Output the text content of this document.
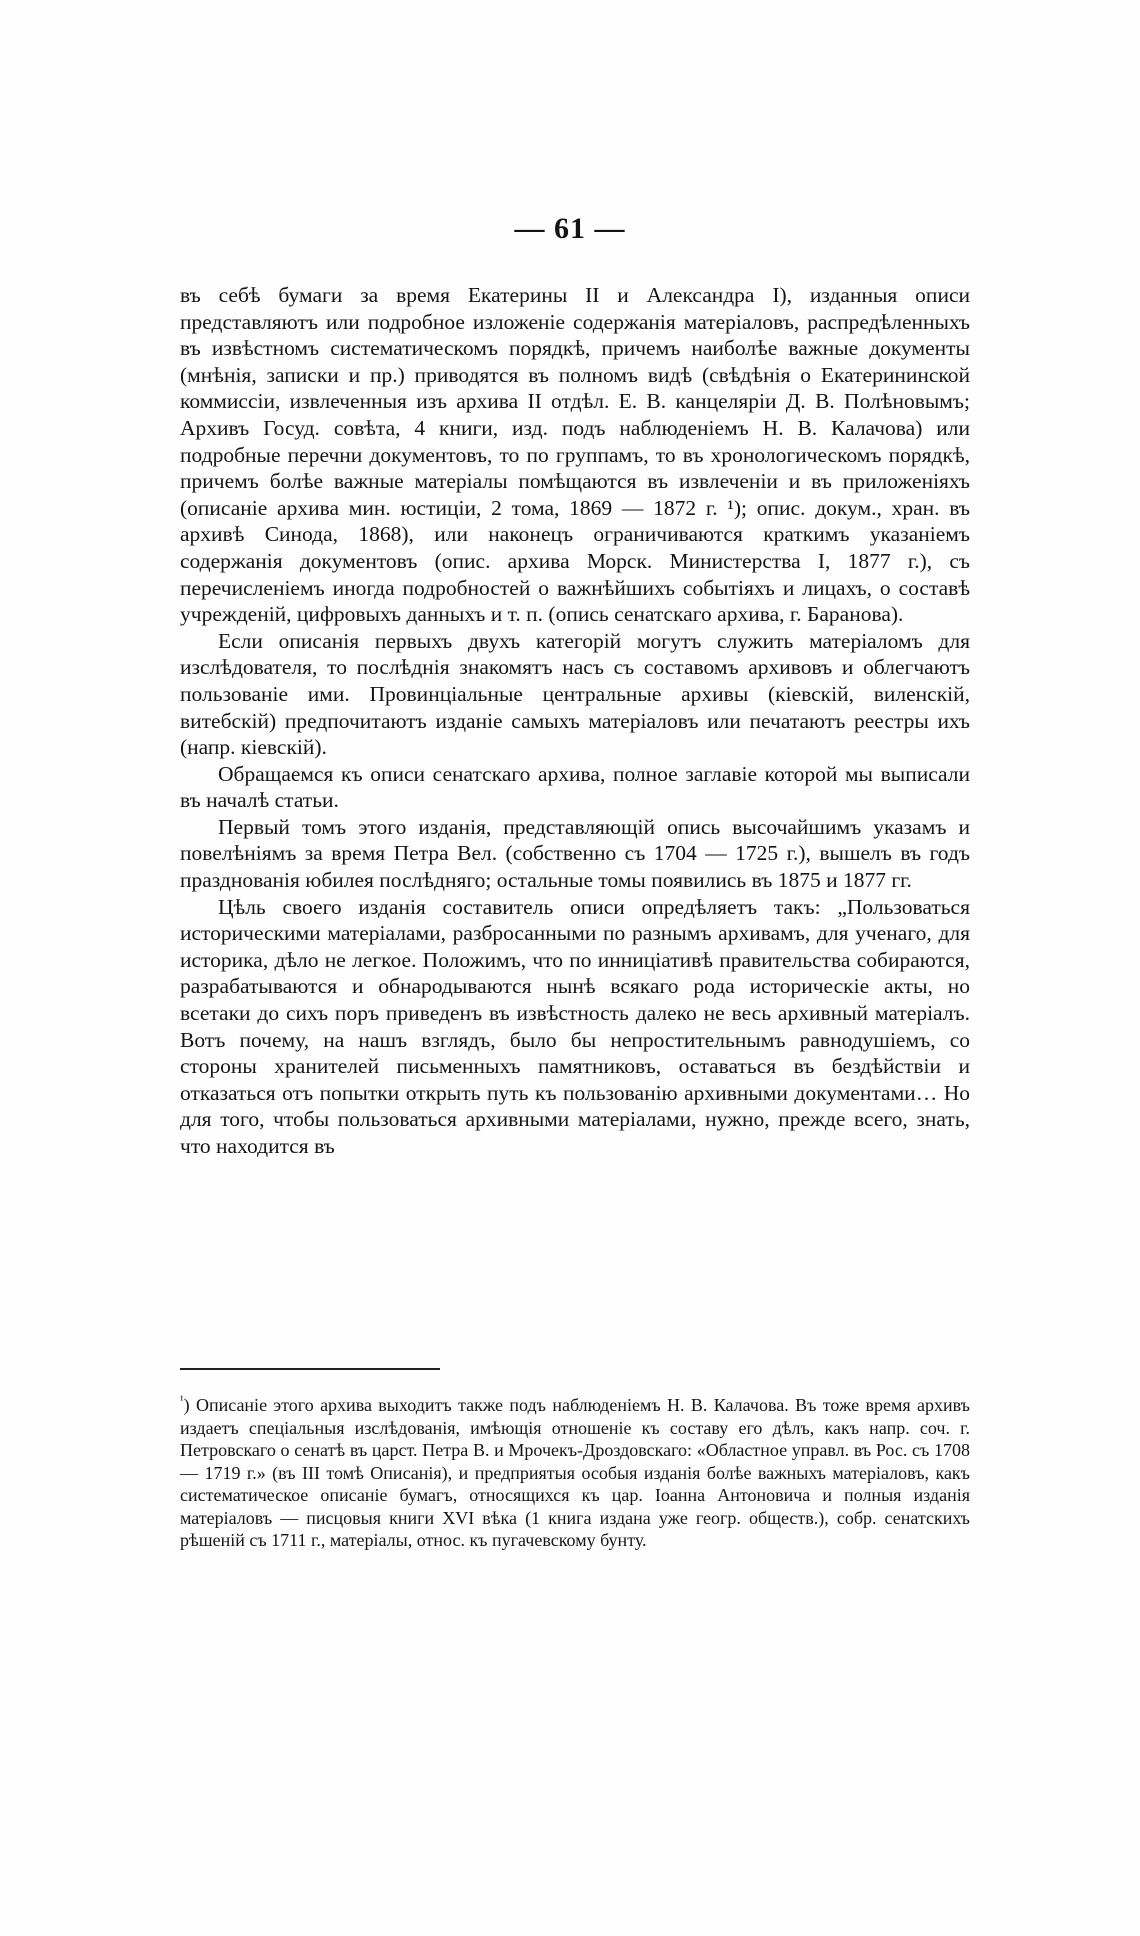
— 61 —

въ себѣ бумаги за время Екатерины II и Александра I), изданныя описи представляютъ или подробное изложеніе содержанія матеріаловъ, распредѣленныхъ въ извѣстномъ систематическомъ порядкѣ, причемъ наиболѣе важные документы (мнѣнія, записки и пр.) приводятся въ полномъ видѣ (свѣдѣнія о Екатерининской коммиссіи, извлеченныя изъ архива II отдѣл. Е. В. канцеляріи Д. В. Полѣновымъ; Архивъ Госуд. совѣта, 4 книги, изд. подъ наблюденіемъ Н. В. Калачова) или подробные перечни документовъ, то по группамъ, то въ хронологическомъ порядкѣ, причемъ болѣе важные матеріалы помѣщаются въ извлеченіи и въ приложеніяхъ (описаніе архива мин. юстиціи, 2 тома, 1869 — 1872 г. ¹); опис. докум., хран. въ архивѣ Синода, 1868), или наконецъ ограничиваются краткимъ указаніемъ содержанія документовъ (опис. архива Морск. Министерства I, 1877 г.), съ перечисленіемъ иногда подробностей о важнѣйшихъ событіяхъ и лицахъ, о составѣ учрежденій, цифровыхъ данныхъ и т. п. (опись сенатскаго архива, г. Баранова).

Если описанія первыхъ двухъ категорій могутъ служить матеріаломъ для изслѣдователя, то послѣднія знакомятъ насъ съ составомъ архивовъ и облегчаютъ пользованіе ими. Провинціальные центральные архивы (кіевскій, виленскій, витебскій) предпочитаютъ изданіе самыхъ матеріаловъ или печатаютъ реестры ихъ (напр. кіевскій).

Обращаемся къ описи сенатскаго архива, полное заглавіе которой мы выписали въ началѣ статьи.

Первый томъ этого изданія, представляющій опись высочайшимъ указамъ и повелѣніямъ за время Петра Вел. (собственно съ 1704 — 1725 г.), вышелъ въ годъ празднованія юбилея послѣдняго; остальные томы появились въ 1875 и 1877 гг.

Цѣль своего изданія составитель описи опредѣляетъ такъ: „Пользоваться историческими матеріалами, разбросанными по разнымъ архивамъ, для ученаго, для историка, дѣло не легкое. Положимъ, что по инниціативѣ правительства собираются, разрабатываются и обнародываются нынѣ всякаго рода историческіе акты, но всетаки до сихъ поръ приведенъ въ извѣстность далеко не весь архивный матеріалъ. Вотъ почему, на нашъ взглядъ, было бы непростительнымъ равнодушіемъ, со стороны хранителей письменныхъ памятниковъ, оставаться въ бездѣйствіи и отказаться отъ попытки открыть путь къ пользованію архивными документами… Но для того, чтобы пользоваться архивными матеріалами, нужно, прежде всего, знать, что находится въ

$^{^1}$) Описаніе этого архива выходитъ также подъ наблюденіемъ Н. В. Калачова. Въ тоже время архивъ издаетъ спеціальныя изслѣдованія, имѣющія отношеніе къ составу его дѣлъ, какъ напр. соч. г. Петровскаго о сенатѣ въ царст. Петра В. и Мрочекъ-Дроздовскаго: «Областное управл. въ Рос. съ 1708 — 1719 г.» (въ III томѣ Описанія), и предприятыя особыя изданія болѣе важныхъ матеріаловъ, какъ систематическое описаніе бумагъ, относящихся къ цар. Іоанна Антоновича и полныя изданія матеріаловъ — писцовыя книги XVI вѣка (1 книга издана уже геогр. обществ.), собр. сенатскихъ рѣшеній съ 1711 г., матеріалы, относ. къ пугачевскому бунту.
